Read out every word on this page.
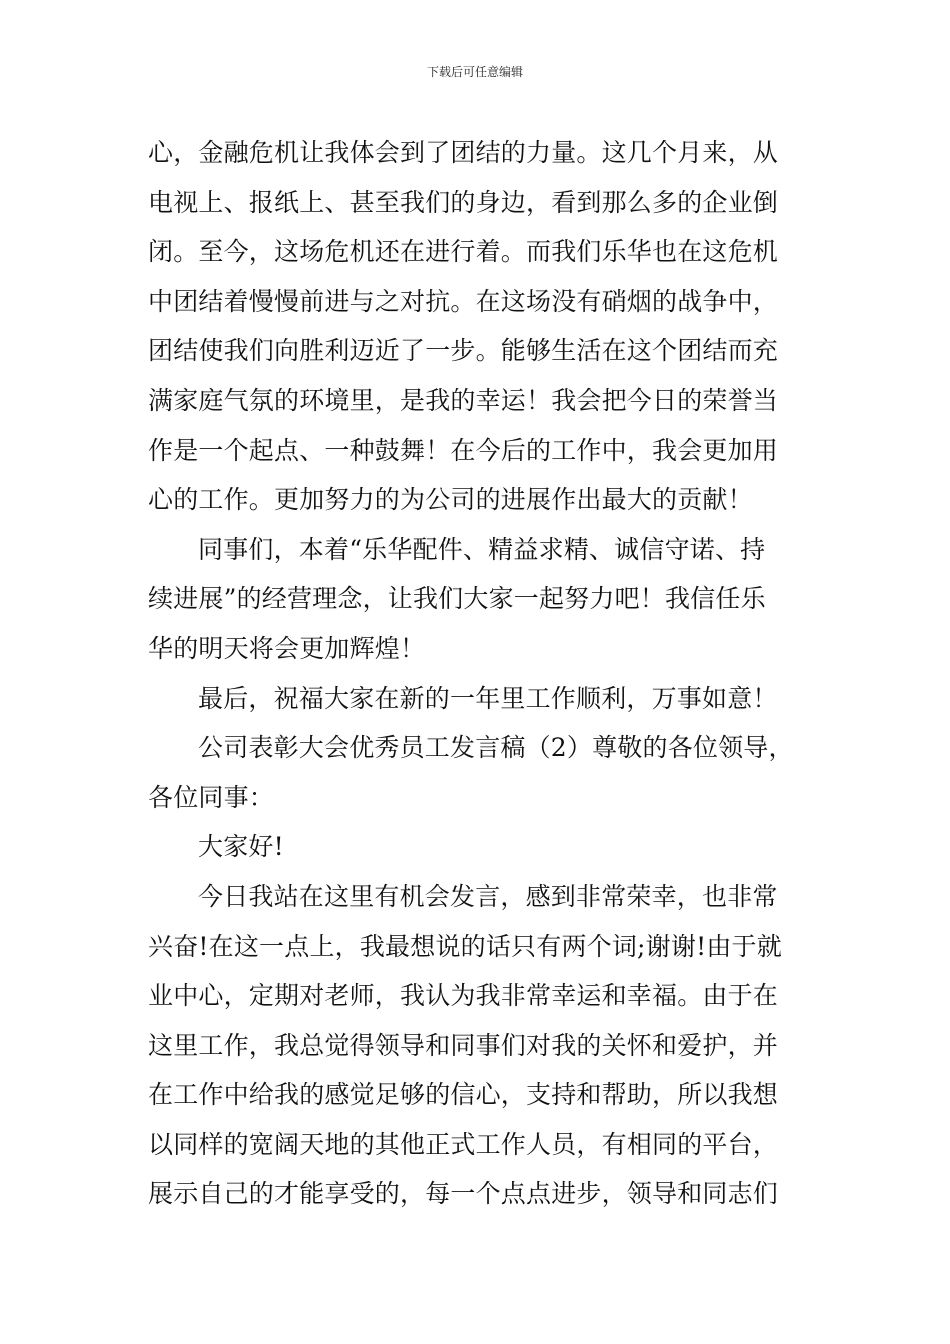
下载后可任意编辑
心，金融危机让我体会到了团结的力量。这几个月来，从
电视上、报纸上、甚至我们的身边，看到那么多的企业倒
闭。至今，这场危机还在进行着。而我们乐华也在这危机
中团结着慢慢前进与之对抗。在这场没有硝烟的战争中，
团结使我们向胜利迈近了一步。能够生活在这个团结而充
满家庭气氛的环境里，是我的幸运！我会把今日的荣誉当
作是一个起点、一种鼓舞！在今后的工作中，我会更加用
心的工作。更加努力的为公司的进展作出最大的贡献！
同事们，本着“乐华配件、精益求精、诚信守诺、持
续进展”的经营理念，让我们大家一起努力吧！我信任乐
华的明天将会更加辉煌！
最后，祝福大家在新的一年里工作顺利，万事如意！
公司表彰大会优秀员工发言稿（2）尊敬的各位领导，
各位同事：
大家好!
今日我站在这里有机会发言，感到非常荣幸，也非常
兴奋!在这一点上，我最想说的话只有两个词;谢谢!由于就
业中心，定期对老师，我认为我非常幸运和幸福。由于在
这里工作，我总觉得领导和同事们对我的关怀和爱护，并
在工作中给我的感觉足够的信心，支持和帮助，所以我想
以同样的宽阔天地的其他正式工作人员，有相同的平台，
展示自己的才能享受的，每一个点点进步，领导和同志们
